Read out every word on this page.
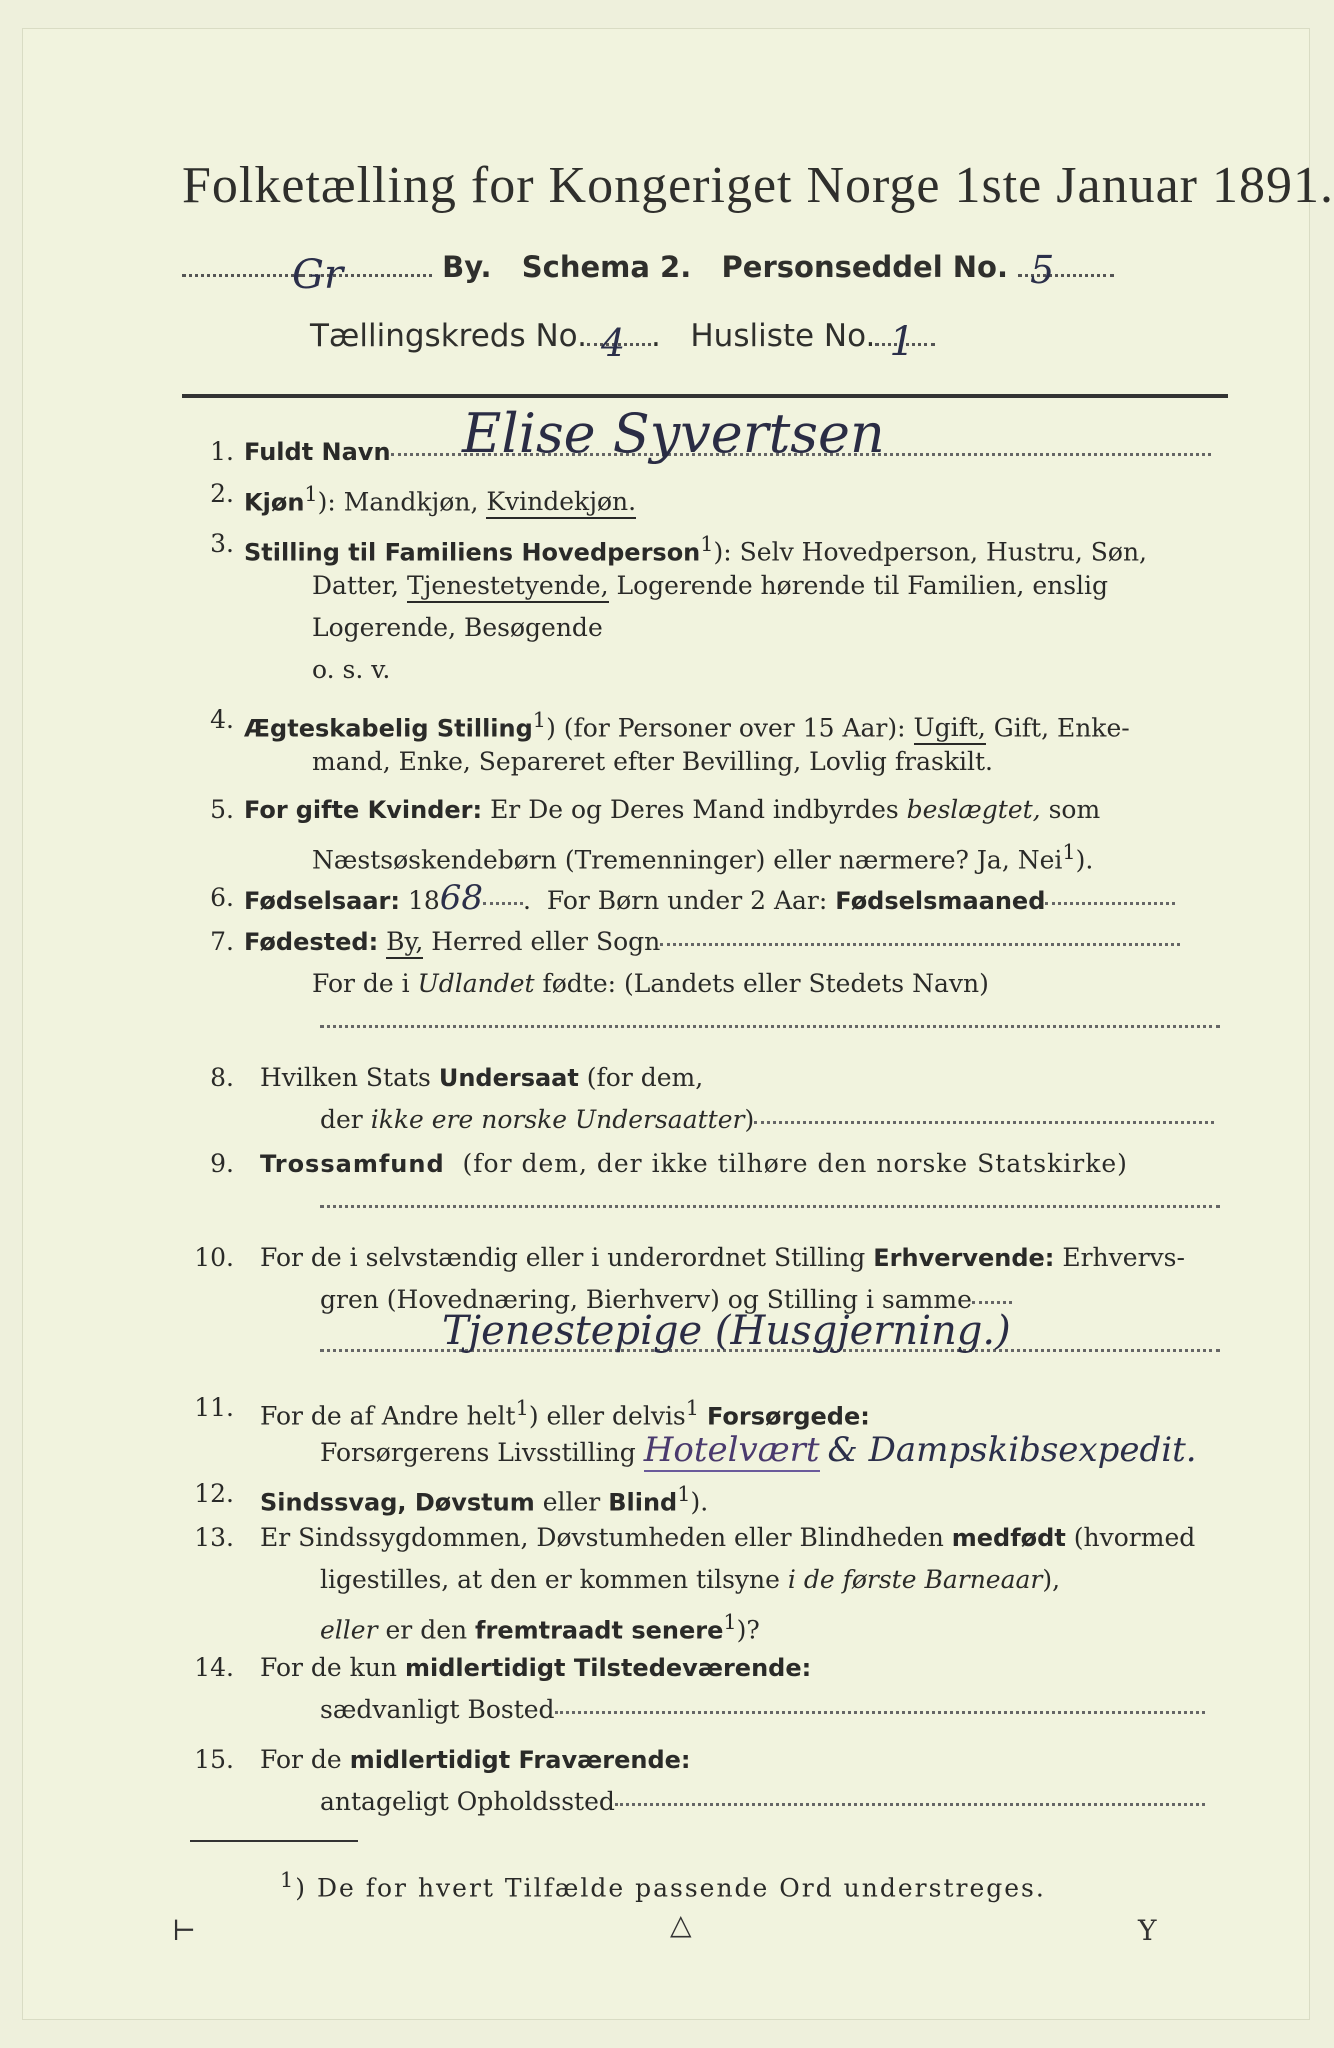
Folketælling for Kongeriget Norge 1ste Januar 1891.
Gr	By. Schema 2. Personseddel No. 5
Tællingskreds No. 4 .   Husliste No. 1
1. Fuldt Navn	Elise Syvertsen
2. Kjøn$^1$): Mandkjøn, Kvindekjøn.
3. Stilling til Familiens Hovedperson$^1$): Selv Hovedperson, Hustru, Søn,
Datter, Tjenestetyende, Logerende hørende til Familien, enslig
Logerende, Besøgende
o. s. v.
4. Ægteskabelig Stilling$^1$) (for Personer over 15 Aar): Ugift, Gift, Enke-
mand, Enke, Separeret efter Bevilling, Lovlig fraskilt.
5. For gifte Kvinder: Er De og Deres Mand indbyrdes beslægtet, som
Næstsøskendebørn (Tremenninger) eller nærmere? Ja, Nei$^1$).
6. Fødselsaar: 1868 .  For Børn under 2 Aar: Fødselsmaaned
7. Fødested: By, Herred eller Sogn
For de i Udlandet fødte: (Landets eller Stedets Navn)
8. Hvilken Stats Undersaat (for dem,
der ikke ere norske Undersaatter)
9. Trossamfund (for dem, der ikke tilhøre den norske Statskirke)
10. For de i selvstændig eller i underordnet Stilling Erhvervende: Erhvervs-
gren (Hovednæring, Bierhverv) og Stilling i samme
Tjenestepige (Husgjerning.)
11. For de af Andre helt$^1$) eller delvis$^1$ Forsørgede:
Forsørgerens Livsstilling Hotelvært & Dampskibsexpedit.
12. Sindssvag, Døvstum eller Blind$^1$).
13. Er Sindssygdommen, Døvstumheden eller Blindheden medfødt (hvormed
ligestilles, at den er kommen tilsyne i de første Barneaar),
eller er den fremtraadt senere$^1$)?
14. For de kun midlertidigt Tilstedeværende:
sædvanligt Bosted
15. For de midlertidigt Fraværende:
antageligt Opholdssted
$^1$) De for hvert Tilfælde passende Ord understreges.
⊢	△	Y
